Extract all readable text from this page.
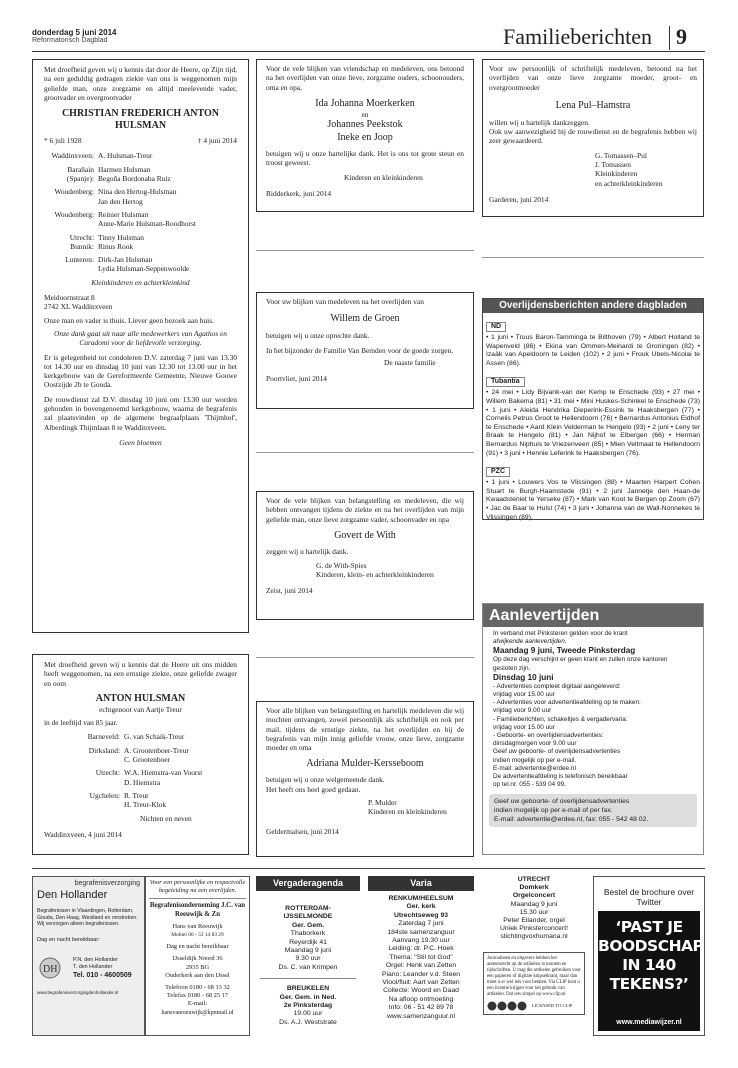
donderdag 5 juni 2014
Reformatorisch Dagblad	Familieberichten 9
Met droefheid geven wij u kennis dat door de Heere, op Zijn tijd, na een geduldig gedragen ziekte van ons is weggenomen mijn geliefde man, onze zorgzame en altijd meelevende vader, grootvader en overgrootvader
CHRISTIAN FREDERICH ANTON HULSMAN
* 6 juli 1928	† 4 juni 2014
Waddinxveen: A. Hulsman-Treur
Barañain
(Spanje):
Harmen Hulsman
Begoña Bordonaba Ruiz
Woudenberg: Nina den Hertog-Hulsman
Jan den Hertog
Woudenberg: Reinier Hulsman
Anne-Marie Hulsman-Roodhorst
Utrecht:
Bunnik:
Tinny Hulsman
Rinus Rook
Lunteren: Dirk-Jan Hulsman
Lydia Hulsman-Seppenwoolde
Kleinkinderen en achterkleinkind
Meidoornstraat 8
2742 XL Waddinxveen
Onze man en vader is thuis. Liever geen bezoek aan huis.
Onze dank gaat uit naar alle medewerkers van Agathos en Curadomi voor de liefdevolle verzorging.
Er is gelegenheid tot condoleren D.V. zaterdag 7 juni van 13.30 tot 14.30 uur en dinsdag 10 juni van 12.30 tot 13.00 uur in het kerkgebouw van de Gereformeerde Gemeente, Nieuwe Gouwe Oostzijde 2b te Gouda.
De rouwdienst zal D.V. dinsdag 10 juni om 13.30 uur worden gehouden in bovengenoemd kerkgebouw, waarna de begrafenis zal plaatsvinden op de algemene begraafplaats 'Thijmhof', Alberdingk Thijmlaan 8 te Waddinxveen.
Geen bloemen
Met droefheid geven wij u kennis dat de Heere uit ons midden heeft weggenomen, na een ernstige ziekte, onze geliefde zwager en oom
ANTON HULSMAN
echtgenoot van Aartje Treur
in de leeftijd van 85 jaar.
Barneveld: G. van Schaik-Treur
Dirksland: A. Grootenboer-Treur
C. Grootenboer
Utrecht: W.A. Hiemstra-van Voorst
D. Hiemstra
Ugchelen: R. Treur
H. Treur-Klok
Nichten en neven
Waddinxveen, 4 juni 2014
Voor de vele blijken van vriendschap en medeleven, ons betoond na het overlijden van onze lieve, zorgzame ouders, schoonouders, oma en opa,
Ida Johanna Moerkerken
en
Johannes Peekstok
Ineke en Joop
betuigen wij u onze hartelijke dank. Het is ons tot grote steun en troost geweest.
Kinderen en kleinkinderen
Ridderkerk, juni 2014
Voor uw blijken van medeleven na het overlijden van
Willem de Groen
betuigen wij u onze oprechte dank.
In het bijzonder de Familie Van Bemden voor de goede zorgen.
De naaste familie
Poortvliet, juni 2014
Voor de vele blijken van belangstelling en medeleven, die wij hebben ontvangen tijdens de ziekte en na het overlijden van mijn geliefde man, onze lieve zorgzame vader, schoonvader en opa
Govert de With
zeggen wij u hartelijk dank.
G. de With-Spies
Kinderen, klein- en achterkleinkinderen
Zeist, juni 2014
Voor alle blijken van belangstelling en hartelijk medeleven die wij mochten ontvangen, zowel persoonlijk als schriftelijk en ook per mail, tijdens de ernstige ziekte, na het overlijden en bij de begrafenis van mijn innig geliefde vrouw, onze lieve, zorgzame moeder en oma
Adriana Mulder-Kersseboom
betuigen wij u onze welgemeende dank.
Het heeft ons heel goed gedaan.
P. Mulder
Kinderen en kleinkinderen
Geldermalsen, juni 2014
Voor uw persoonlijk of schriftelijk medeleven, betoond na het overlijden van onze lieve zorgzame moeder, groot- en overgrootmoeder
Lena Pul–Hamstra
willen wij u hartelijk dankzeggen.
Ook uw aanwezigheid bij de rouwdienst en de begrafenis hebben wij zeer gewaardeerd.
G. Tomassen–Pul
J. Tomassen
Kleinkinderen
en achterkleinkinderen
Garderen, juni 2014
Overlijdensberichten andere dagbladen
ND
• 1 juni • Truus Baron-Tamminga te Bilthoven (79) • Albert Holland te Wapenveld (86) • Ekina van Ommen-Meinardi te Groningen (82) • Izaäk van Apeldoorn te Leiden (102) • 2 juni • Frouk Ubels-Nicolai te Assen (86).
Tubantia
• 24 mei • Lidy Bijvank-van der Kemp te Enschede (93) • 27 mei • Willem Bakema (81) • 31 mei • Mini Huskes-Schinkel te Enschede (73) • 1 juni • Aleida Hendrika Dieperink-Essink te Haaksbergen (77) • Cornelis Petrus Groot te Hellendoorn (76) • Bernardus Antonius Eidhof te Enschede • Aard Klein Velderman te Hengelo (93) • 2 juni • Leny ter Braak te Hengelo (81) • Jan Nijhof te Elbergen (66) • Herman Bernardus Niphuis te Vriezenveen (85) • Mien Veltmaat te Hellendoorn (91) • 3 juni • Hennie Leferink te Haaksbergen (76).
PZC
• 1 juni • Louwers Vos te Vlissingen (88) • Maarten Harpert Cohen Stuart te Burgh-Haamstede (91) • 2 juni Jannetje den Haan-de Kwaadsteniet te Yerseke (87) • Mark van Koot te Bergen op Zoom (67) • Jac de Baar te Hulst (74) • 3 juni • Johanna van de Wall-Nonnekes te Vlissingen (89).
Aanlevertijden
In verband met Pinksteren gelden voor de krant
afwijkende aanlevertijden.
Maandag 9 juni, Tweede Pinksterdag
Op deze dag verschijnt er geen krant en zullen onze kantoren gesloten zijn.
Dinsdag 10 juni
- Advertenties compleet digitaal aangeleverd:
vrijdag voor 15.00 uur
- Advertenties voor advertentieafdeling op te maken:
vrijdag voor 9.00 uur
- Familieberichten, schakeltjes & vergadervaria:
vrijdag voor 15.00 uur
- Geboorte- en overlijdensadvertenties:
dinsdagmorgen voor 9.00 uur
Geef uw geboorte- of overlijdensadvertenties
indien mogelijk op per e-mail.
E-mail: advertentie@erdee.nl
De advertentieafdeling is telefonisch bereikbaar
op tel.nr. 055 - 539 04 99.
Geef uw geboorte- of overlijdensadvertenties
indien mogelijk op per e-mail of per fax.
E-mail: advertentie@erdee.nl, fax: 055 - 542 48 02.
begrafenisverzorging
Den Hollander
Begrafenissen in Vlaardingen, Rotterdam, Gouda, Den Haag, Westland en omstreken. Wij verzorgen alleen begrafenissen.
Dag en nacht bereikbaar:
DH
P.N. den Hollander
T. den Hollander
Tel. 010 - 4600509
www.begrafenisverzorgingdenhollander.nl
Voor een persoonlijke en respectvolle begeleiding na een overlijden.
Begrafenisonderneming J.C. van Reeuwijk & Zn
Hans van Reeuwijk
Mobiel 06 - 53 14 83 29
Dag en nacht bereikbaar
IJsseldijk Noord 36
2935 BG
Ouderkerk aan den IJssel
Telefoon 0180 - 68 13 32
Telefax 0180 - 68 25 17
E-mail:
hansvanreeuwijk@kpnmail.nl
Vergaderagenda
ROTTERDAM-
IJSSELMONDE
Ger. Gem.
Thaborkerk
Reyerdijk 41
Maandag 9 juni
9.30 uur
Ds. C. van Krimpen
BREUKELEN
Ger. Gem. in Ned.
2e Pinksterdag
19.00 uur
Ds. A.J. Weststrate
Varia
RENKUM/HEELSUM
Ger. kerk
Utrechtseweg 93
Zaterdag 7 juni
184ste samenzanguur
Aanvang 19.30 uur
Leiding: dr. P.C. Hoek
Thema: "Stil tot God"
Orgel: Henk van Zetten
Piano: Leander v.d. Steen
Viool/fluit: Aart van Zetten
Collecte: Woord en Daad
Na afloop ontmoeting
Info: 06 - 51 42 89 78
www.samenzanguur.nl
UTRECHT
Domkerk
Orgelconcert
Maandag 9 juni
15.30 uur
Peter Eilander, orgel
Uniek Pinksterconcert!
stichtingvoxhumana.nl
Journalisten en uitgevers hebben het auteursrecht op de artikelen in kranten en tijdschriften. U mag die artikelen gebruiken voor een papieren of digitale knipselkrant, maar dan moet u er wel iets voor betalen. Via CLIP kunt u een licentie krijgen voor het gebruik van artikelen. Dat iets simpel op www.clip.nl
LICENSED TO CLIP
Bestel de brochure over Twitter
‘PAST JE
BOODSCHAP
IN 140
TEKENS?’
www.mediawijzer.nl
